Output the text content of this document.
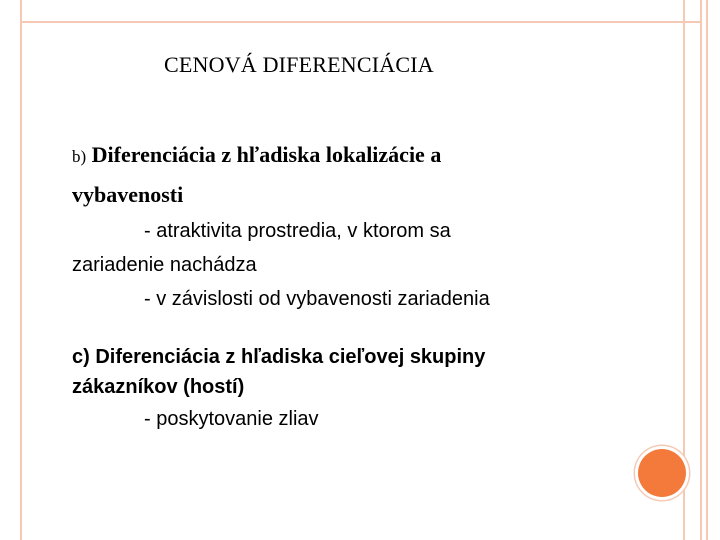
CENOVÁ DIFERENCIÁCIA
b) Diferenciácia z hľadiska lokalizácie a
vybavenosti
- atraktivita prostredia, v ktorom sa
zariadenie nachádza
- v závislosti od vybavenosti zariadenia
c) Diferenciácia z hľadiska cieľovej skupiny
zákazníkov (hostí)
- poskytovanie zliav
